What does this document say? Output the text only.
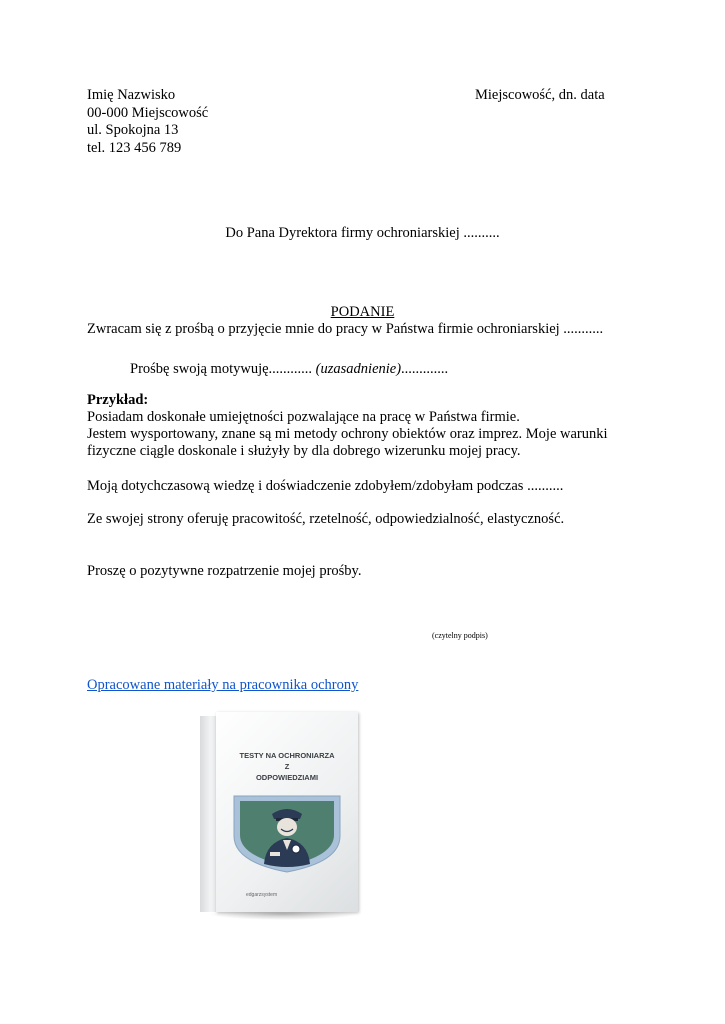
Imię Nazwisko
00-000 Miejscowość
ul. Spokojna 13
tel. 123 456 789
Miejscowość, dn. data
Do Pana Dyrektora firmy ochroniarskiej ..........
PODANIE
Zwracam się z prośbą o przyjęcie mnie do pracy w Państwa firmie ochroniarskiej ...........
Prośbę swoją motywuję............ (uzasadnienie).............
Przykład:
Posiadam doskonałe umiejętności pozwalające na pracę w Państwa firmie.
Jestem wysportowany, znane są mi metody ochrony obiektów oraz imprez. Moje warunki
fizyczne ciągle doskonale i służyły by dla dobrego wizerunku mojej pracy.
Moją dotychczasową wiedzę i doświadczenie zdobyłem/zdobyłam podczas ..........
Ze swojej strony oferuję pracowitość, rzetelność, odpowiedzialność, elastyczność.
Proszę o pozytywne rozpatrzenie mojej prośby.
(czytelny podpis)
Opracowane materiały na pracownika ochrony
TESTY NA OCHRONIARZA
Z
ODPOWIEDZIAMI
edgarzsystem
